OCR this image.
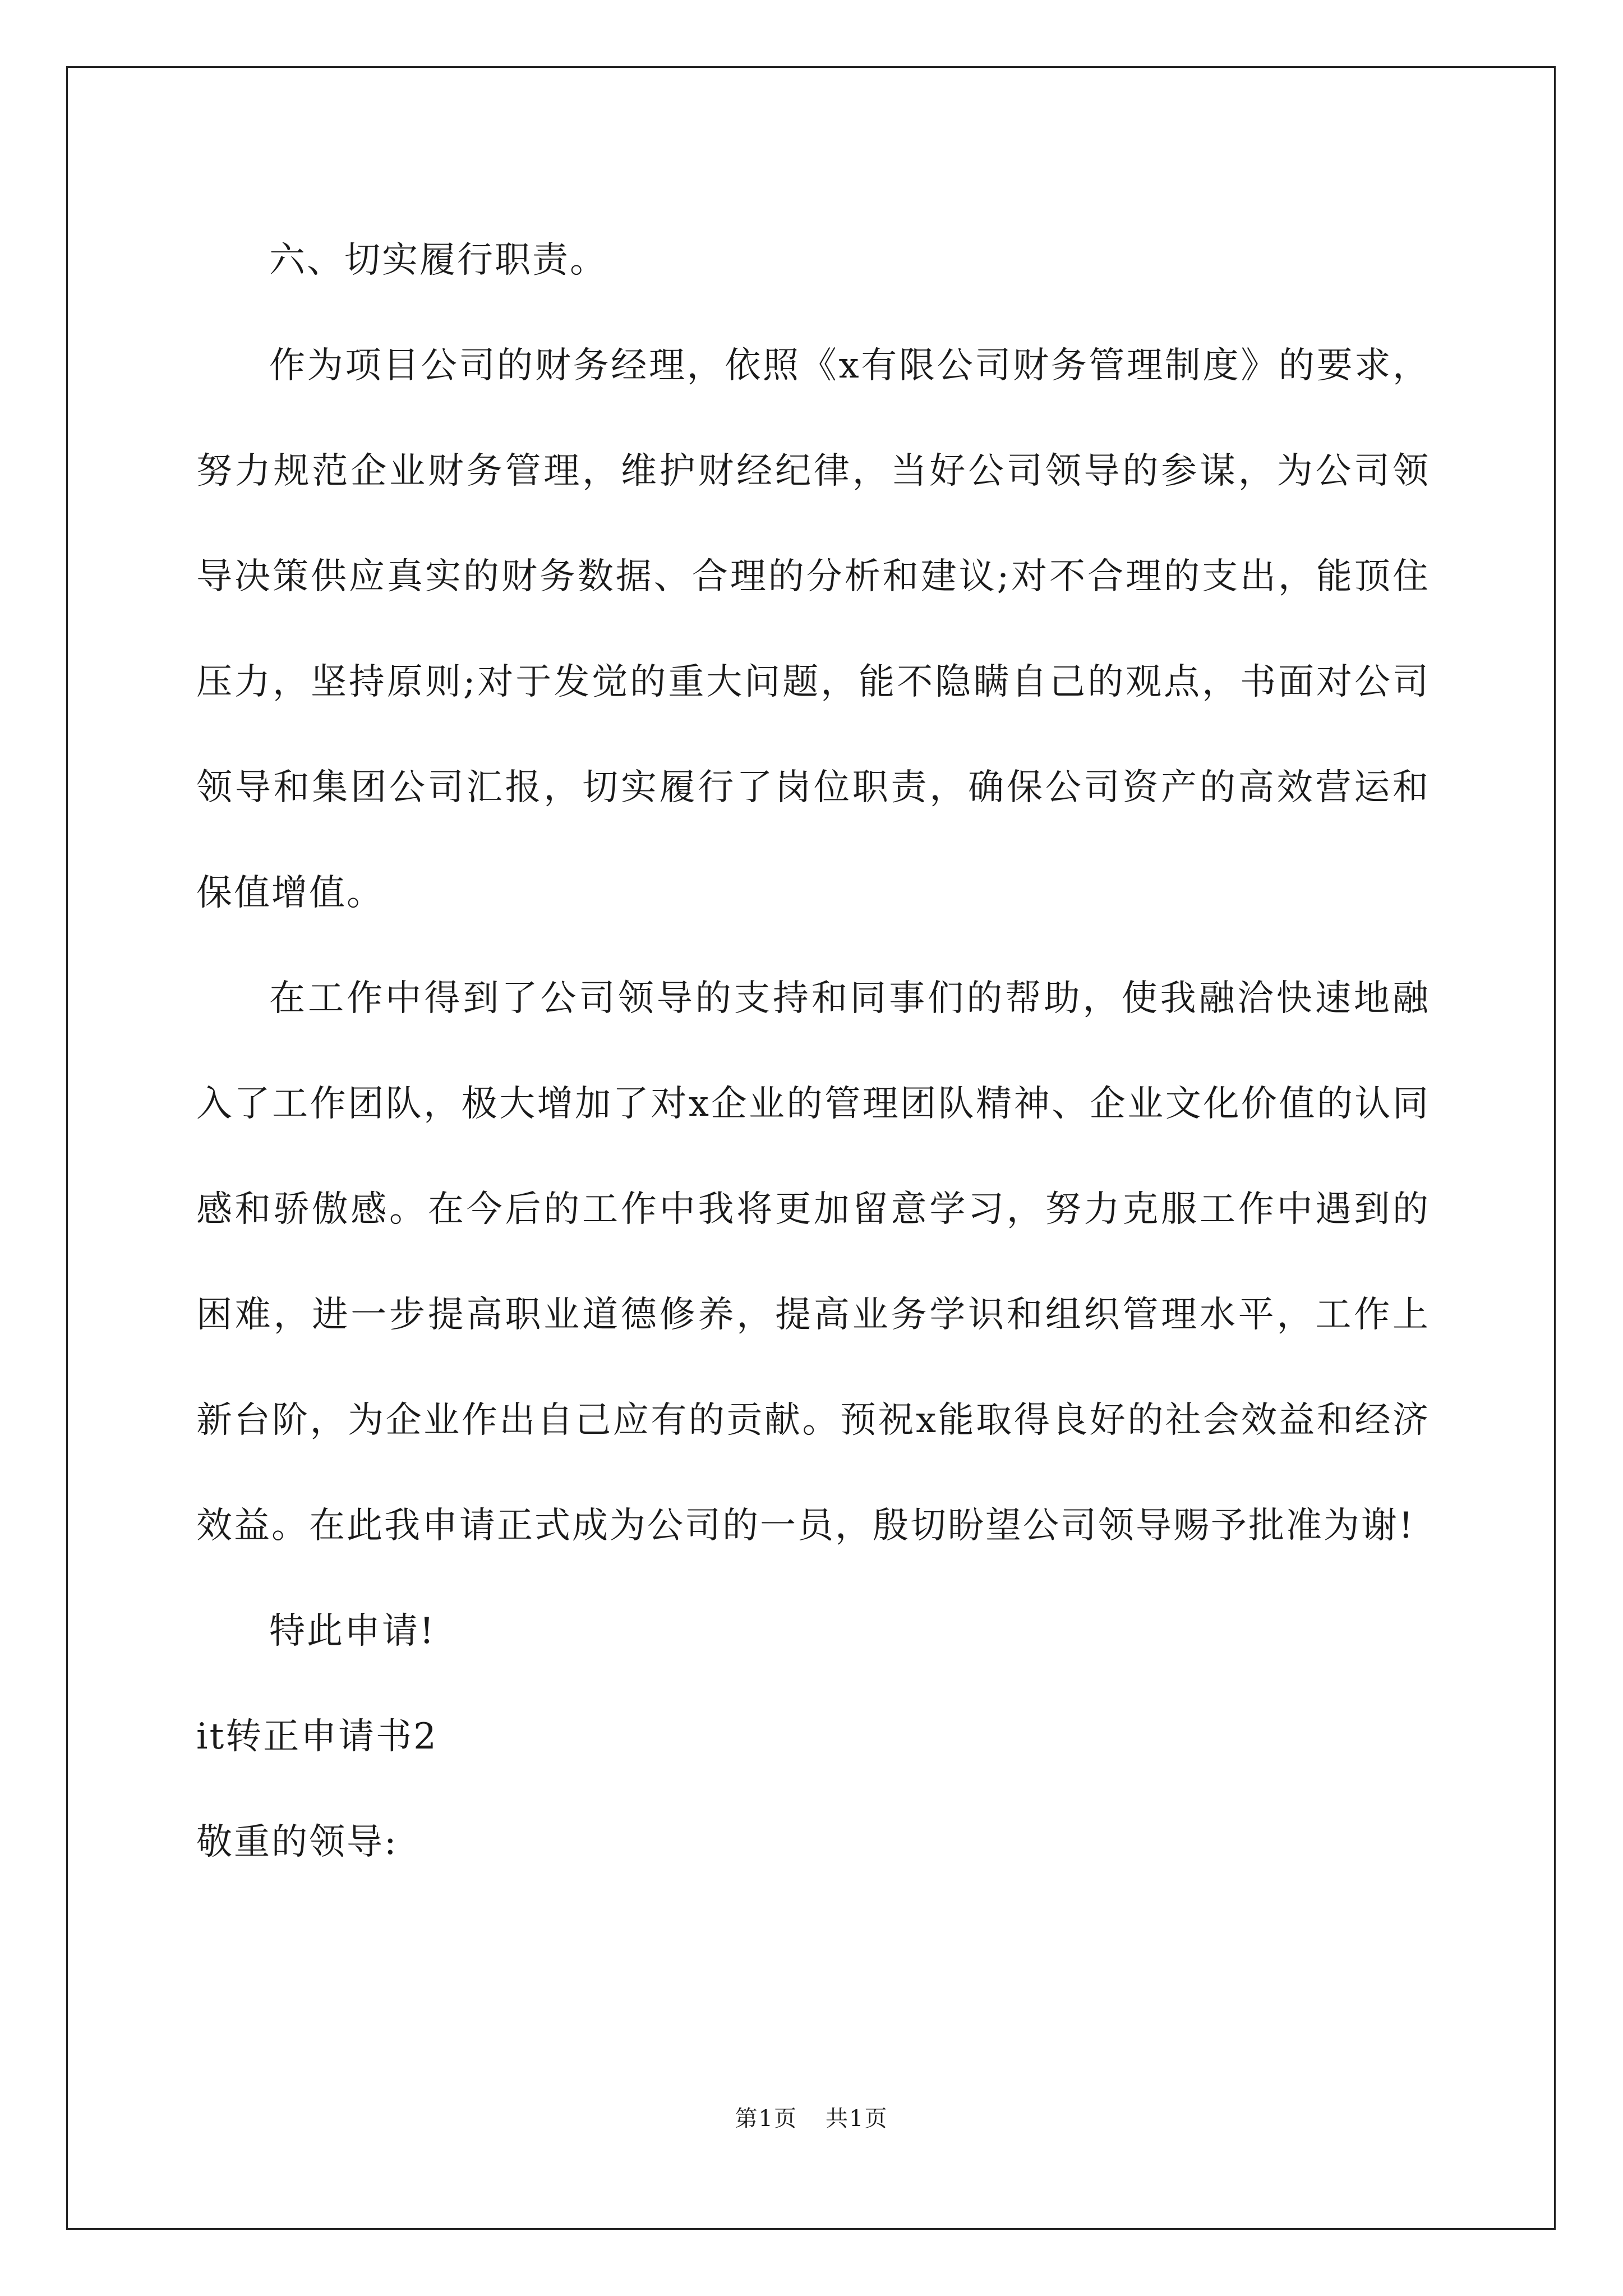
六、切实履行职责。

作为项目公司的财务经理，依照《x有限公司财务管理制度》的要求，努力规范企业财务管理，维护财经纪律，当好公司领导的参谋，为公司领导决策供应真实的财务数据、合理的分析和建议;对不合理的支出，能顶住压力，坚持原则;对于发觉的重大问题，能不隐瞒自己的观点，书面对公司领导和集团公司汇报，切实履行了岗位职责，确保公司资产的高效营运和保值增值。

在工作中得到了公司领导的支持和同事们的帮助，使我融洽快速地融入了工作团队，极大增加了对x企业的管理团队精神、企业文化价值的认同感和骄傲感。在今后的工作中我将更加留意学习，努力克服工作中遇到的困难，进一步提高职业道德修养，提高业务学识和组织管理水平，工作上新台阶，为企业作出自己应有的贡献。预祝x能取得良好的社会效益和经济效益。在此我申请正式成为公司的一员，殷切盼望公司领导赐予批准为谢!

特此申请!

it转正申请书2

敬重的领导:

第1页 共1页
